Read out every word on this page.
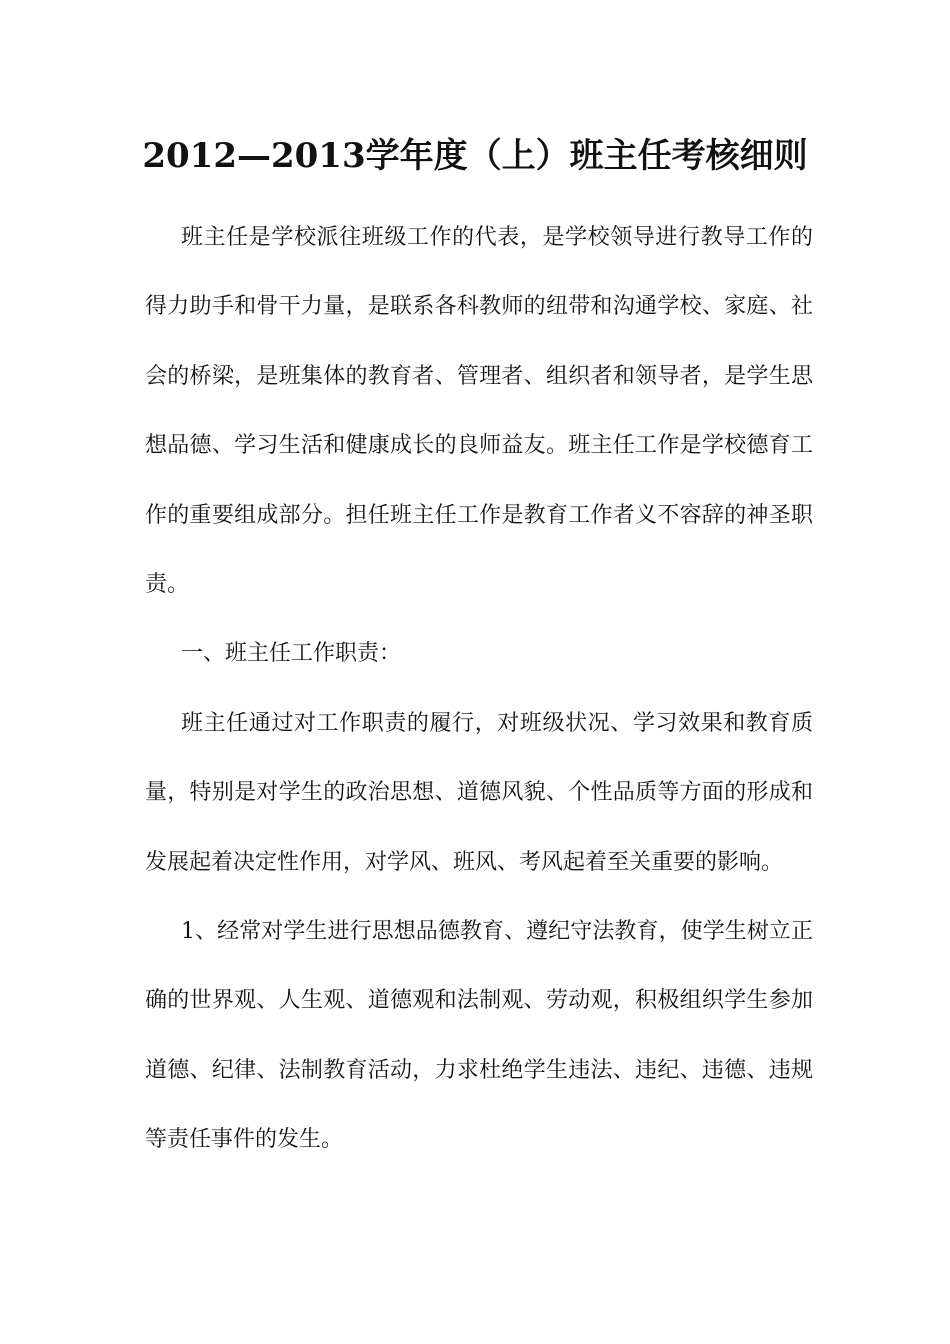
2012—2013学年度（上）班主任考核细则

班主任是学校派往班级工作的代表，是学校领导进行教导工作的得力助手和骨干力量，是联系各科教师的纽带和沟通学校、家庭、社会的桥梁，是班集体的教育者、管理者、组织者和领导者，是学生思想品德、学习生活和健康成长的良师益友。班主任工作是学校德育工作的重要组成部分。担任班主任工作是教育工作者义不容辞的神圣职责。

一、班主任工作职责：

班主任通过对工作职责的履行，对班级状况、学习效果和教育质量，特别是对学生的政治思想、道德风貌、个性品质等方面的形成和发展起着决定性作用，对学风、班风、考风起着至关重要的影响。

1、经常对学生进行思想品德教育、遵纪守法教育，使学生树立正确的世界观、人生观、道德观和法制观、劳动观，积极组织学生参加道德、纪律、法制教育活动，力求杜绝学生违法、违纪、违德、违规等责任事件的发生。
